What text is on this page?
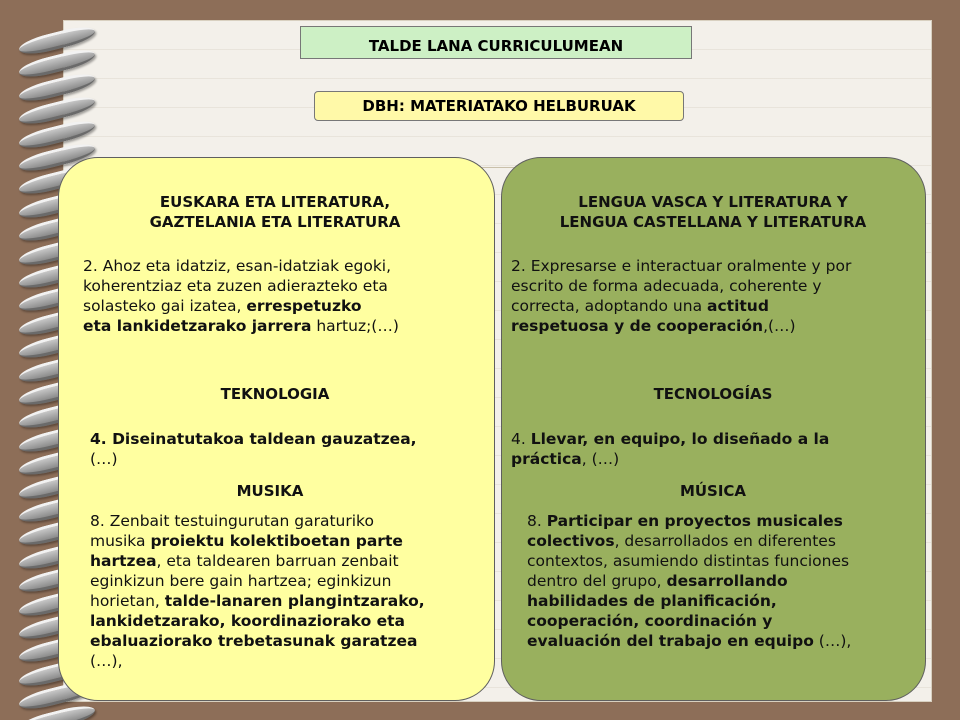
TALDE LANA CURRICULUMEAN
DBH: MATERIATAKO HELBURUAK
EUSKARA ETA LITERATURA,
GAZTELANIA ETA LITERATURA
2. Ahoz eta idatziz, esan-idatziak egoki,
koherentziaz eta zuzen adierazteko eta
solasteko gai izatea, errespetuzko
eta lankidetzarako jarrera hartuz;(…)
TEKNOLOGIA
4. Diseinatutakoa taldean gauzatzea,
(…)
MUSIKA
8. Zenbait testuingurutan garaturiko
musika proiektu kolektiboetan parte
hartzea, eta taldearen barruan zenbait
eginkizun bere gain hartzea; eginkizun
horietan, talde-lanaren plangintzarako,
lankidetzarako, koordinaziorako eta
ebaluaziorako trebetasunak garatzea
(…),
LENGUA VASCA Y LITERATURA Y
LENGUA CASTELLANA Y LITERATURA
2. Expresarse e interactuar oralmente y por
escrito de forma adecuada, coherente y
correcta, adoptando una actitud
respetuosa y de cooperación,(…)
TECNOLOGÍAS
4. Llevar, en equipo, lo diseñado a la
práctica, (…)
MÚSICA
8. Participar en proyectos musicales
colectivos, desarrollados en diferentes
contextos, asumiendo distintas funciones
dentro del grupo, desarrollando
habilidades de planificación,
cooperación, coordinación y
evaluación del trabajo en equipo (…),
